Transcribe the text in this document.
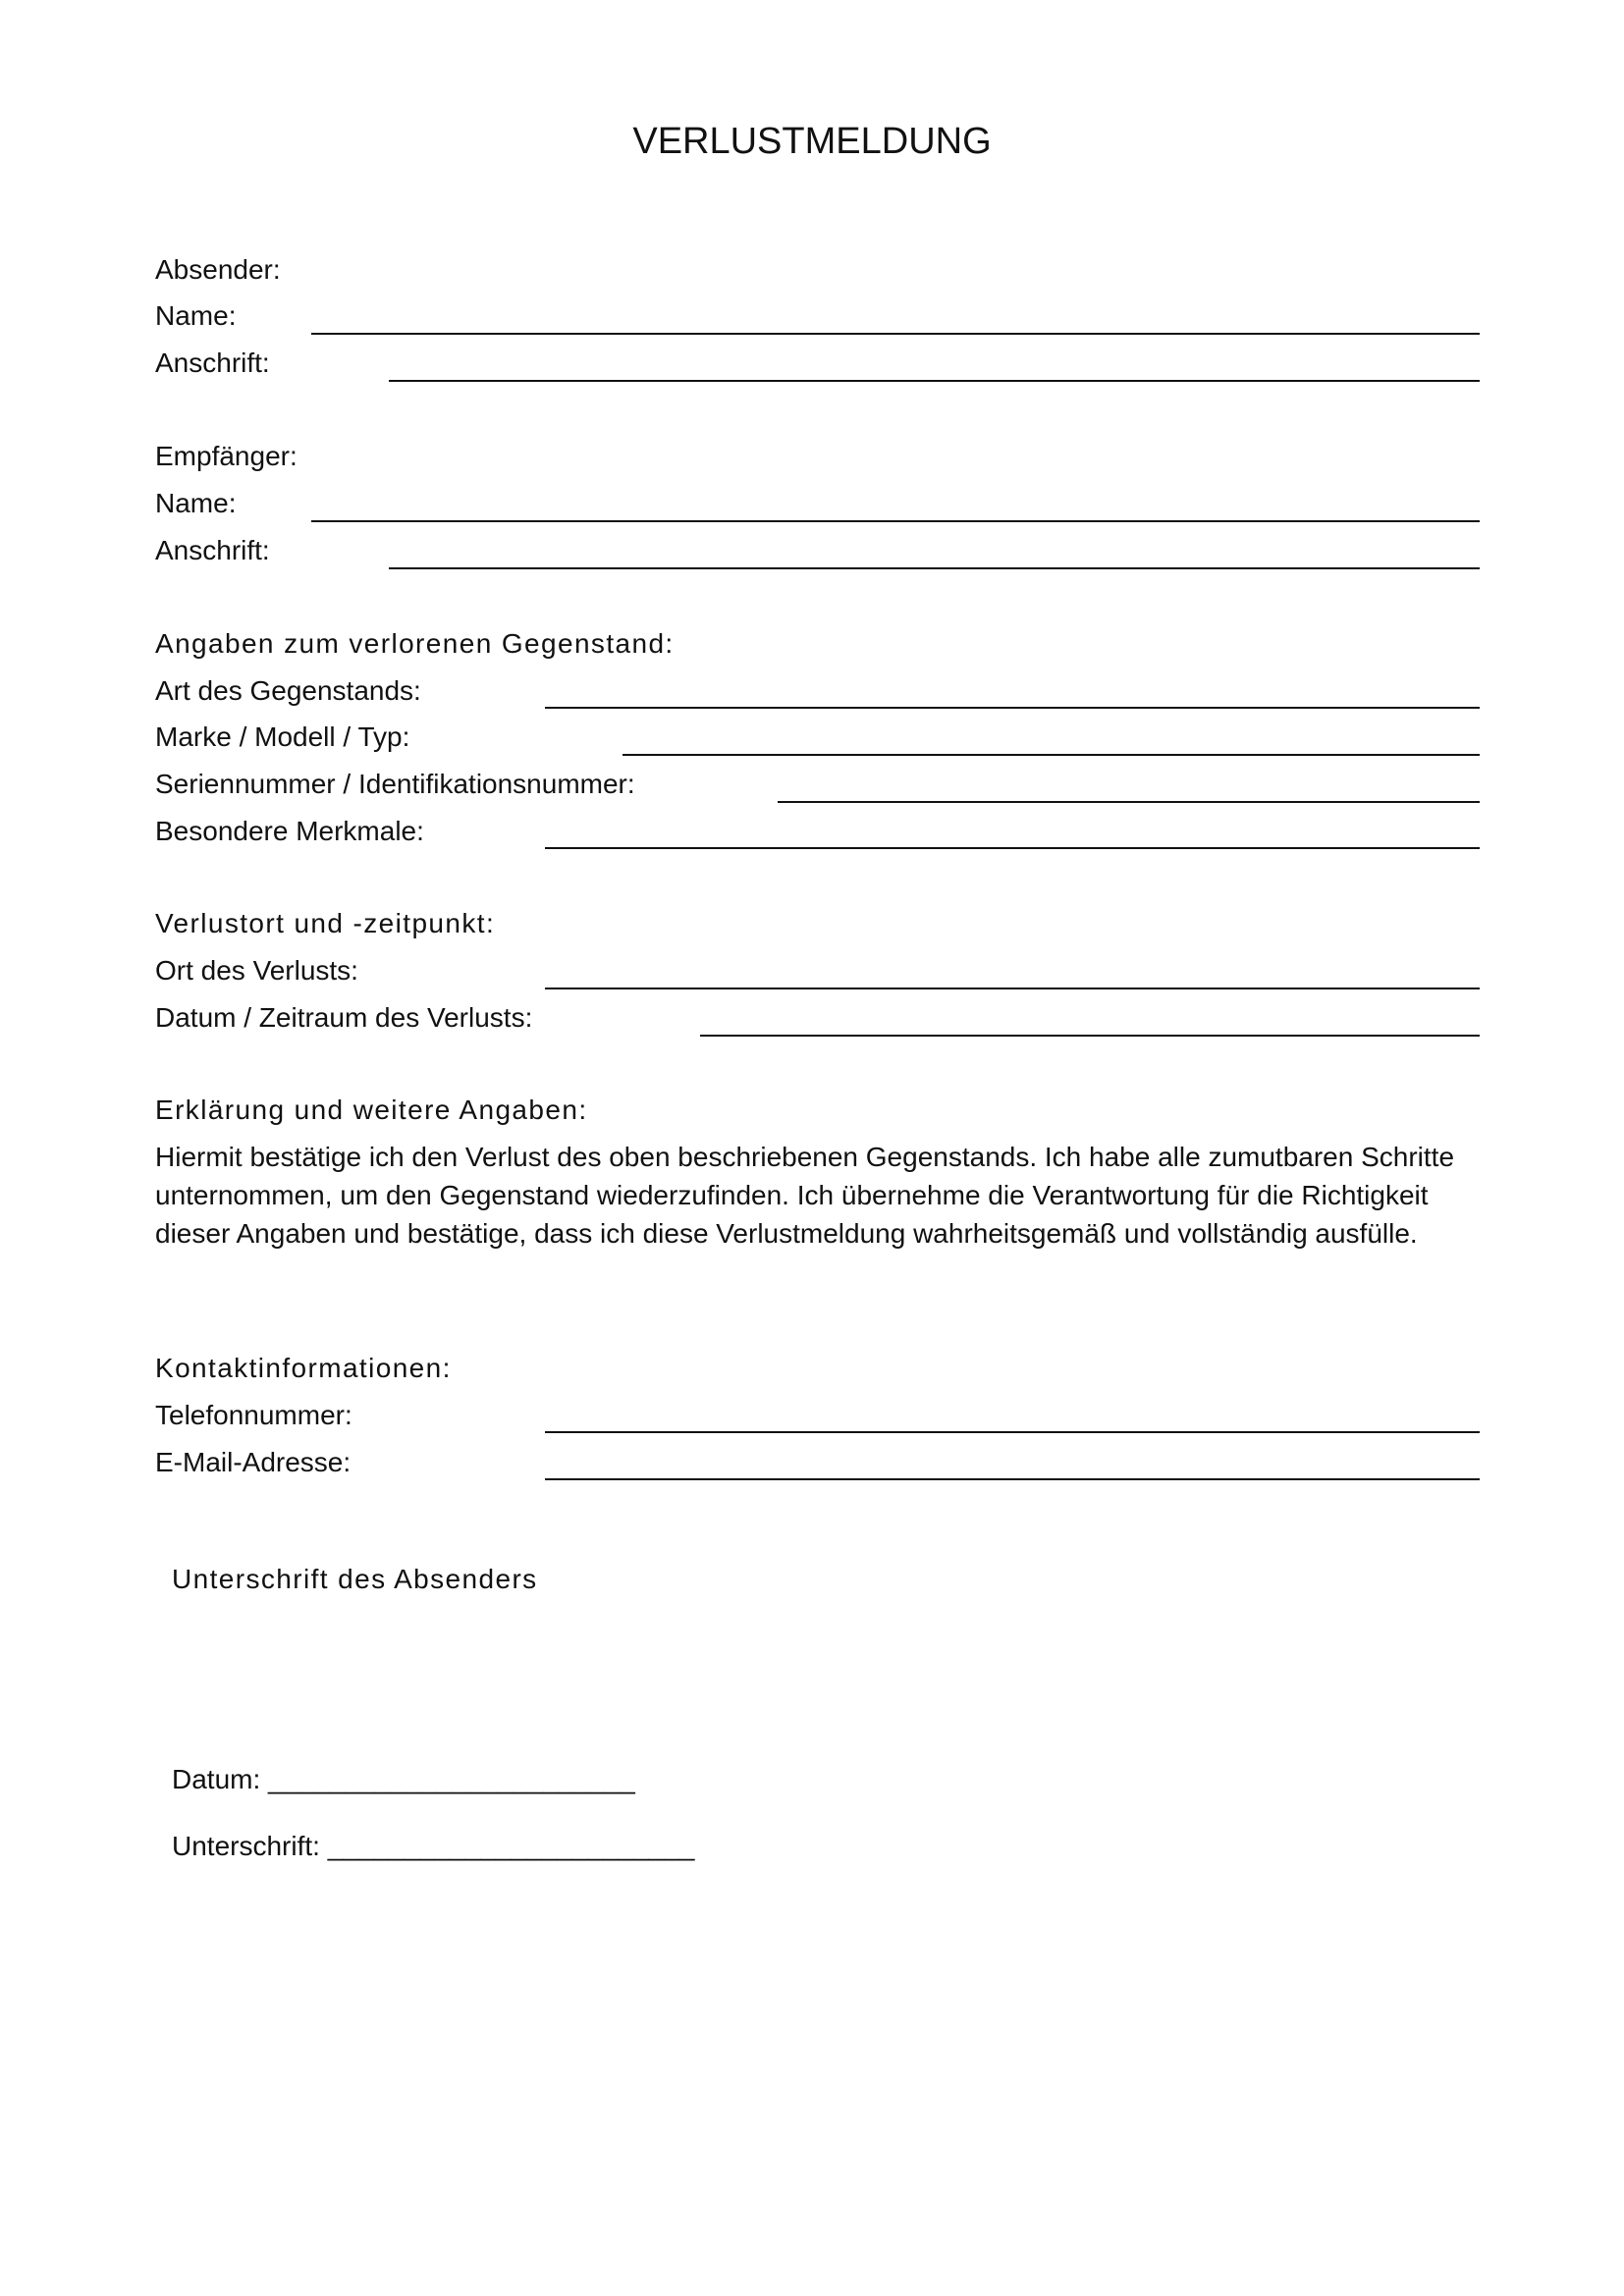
VERLUSTMELDUNG
Absender:
Name:
Anschrift:
Empfänger:
Name:
Anschrift:
Angaben zum verlorenen Gegenstand:
Art des Gegenstands:
Marke / Modell / Typ:
Seriennummer / Identifikationsnummer:
Besondere Merkmale:
Verlustort und -zeitpunkt:
Ort des Verlusts:
Datum / Zeitraum des Verlusts:
Erklärung und weitere Angaben:
Hiermit bestätige ich den Verlust des oben beschriebenen Gegenstands. Ich habe alle zumutbaren Schritte
unternommen, um den Gegenstand wiederzufinden. Ich übernehme die Verantwortung für die Richtigkeit
dieser Angaben und bestätige, dass ich diese Verlustmeldung wahrheitsgemäß und vollständig ausfülle.
Kontaktinformationen:
Telefonnummer:
E-Mail-Adresse:
Unterschrift des Absenders
Datum: ________________________
Unterschrift: ________________________
